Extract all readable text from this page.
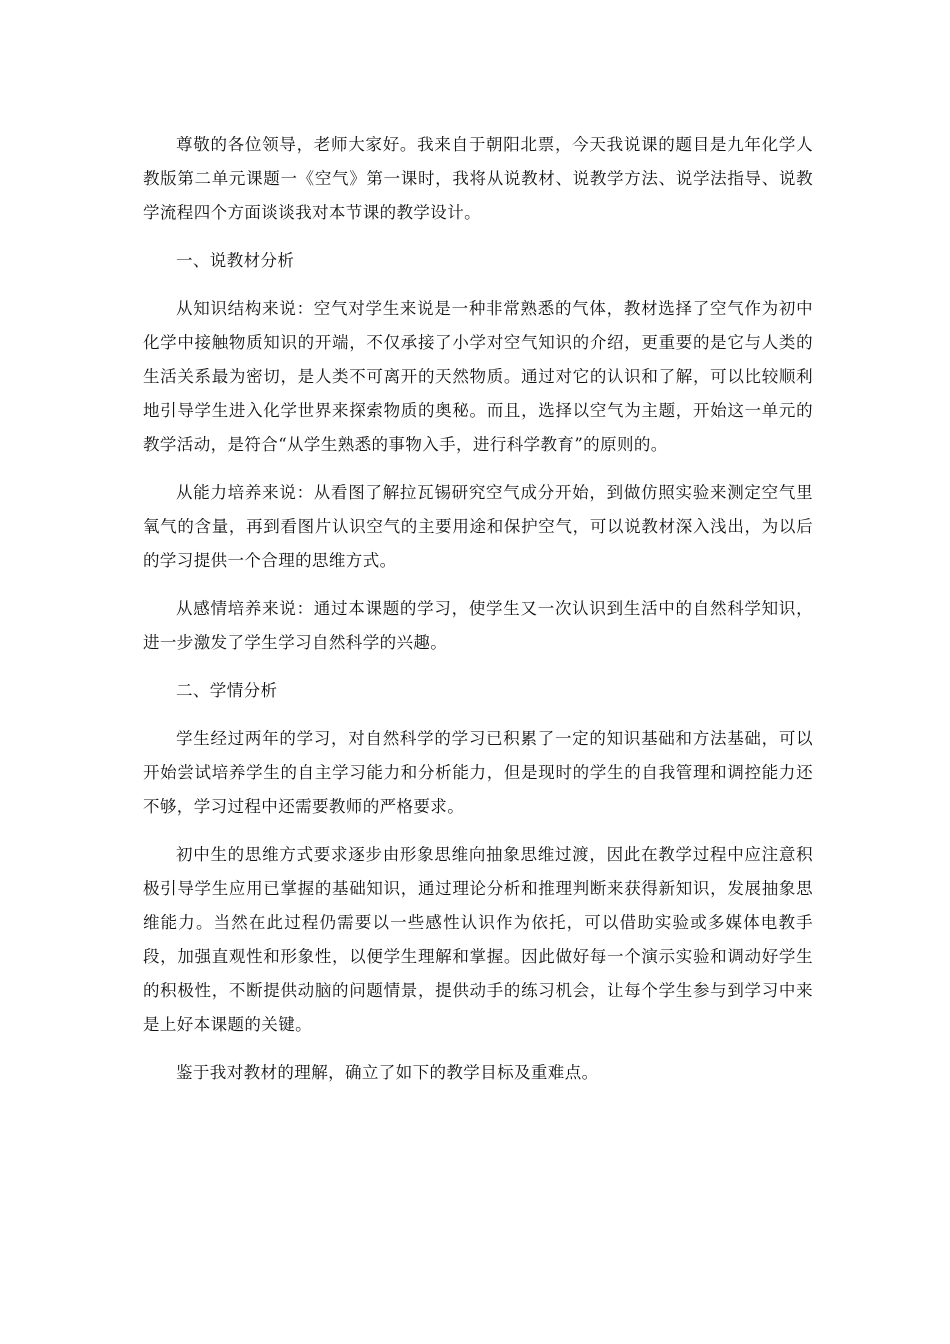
尊敬的各位领导，老师大家好。我来自于朝阳北票，今天我说课的题目是九年化学人教版第二单元课题一《空气》第一课时，我将从说教材、说教学方法、说学法指导、说教学流程四个方面谈谈我对本节课的教学设计。

一、说教材分析

从知识结构来说：空气对学生来说是一种非常熟悉的气体，教材选择了空气作为初中化学中接触物质知识的开端，不仅承接了小学对空气知识的介绍，更重要的是它与人类的生活关系最为密切，是人类不可离开的天然物质。通过对它的认识和了解，可以比较顺利地引导学生进入化学世界来探索物质的奥秘。而且，选择以空气为主题，开始这一单元的教学活动，是符合“从学生熟悉的事物入手，进行科学教育”的原则的。

从能力培养来说：从看图了解拉瓦锡研究空气成分开始，到做仿照实验来测定空气里氧气的含量，再到看图片认识空气的主要用途和保护空气，可以说教材深入浅出，为以后的学习提供一个合理的思维方式。

从感情培养来说：通过本课题的学习，使学生又一次认识到生活中的自然科学知识，进一步激发了学生学习自然科学的兴趣。

二、学情分析

学生经过两年的学习，对自然科学的学习已积累了一定的知识基础和方法基础，可以开始尝试培养学生的自主学习能力和分析能力，但是现时的学生的自我管理和调控能力还不够，学习过程中还需要教师的严格要求。

初中生的思维方式要求逐步由形象思维向抽象思维过渡，因此在教学过程中应注意积极引导学生应用已掌握的基础知识，通过理论分析和推理判断来获得新知识，发展抽象思维能力。当然在此过程仍需要以一些感性认识作为依托，可以借助实验或多媒体电教手段，加强直观性和形象性，以便学生理解和掌握。因此做好每一个演示实验和调动好学生的积极性，不断提供动脑的问题情景，提供动手的练习机会，让每个学生参与到学习中来是上好本课题的关键。

鉴于我对教材的理解，确立了如下的教学目标及重难点。
